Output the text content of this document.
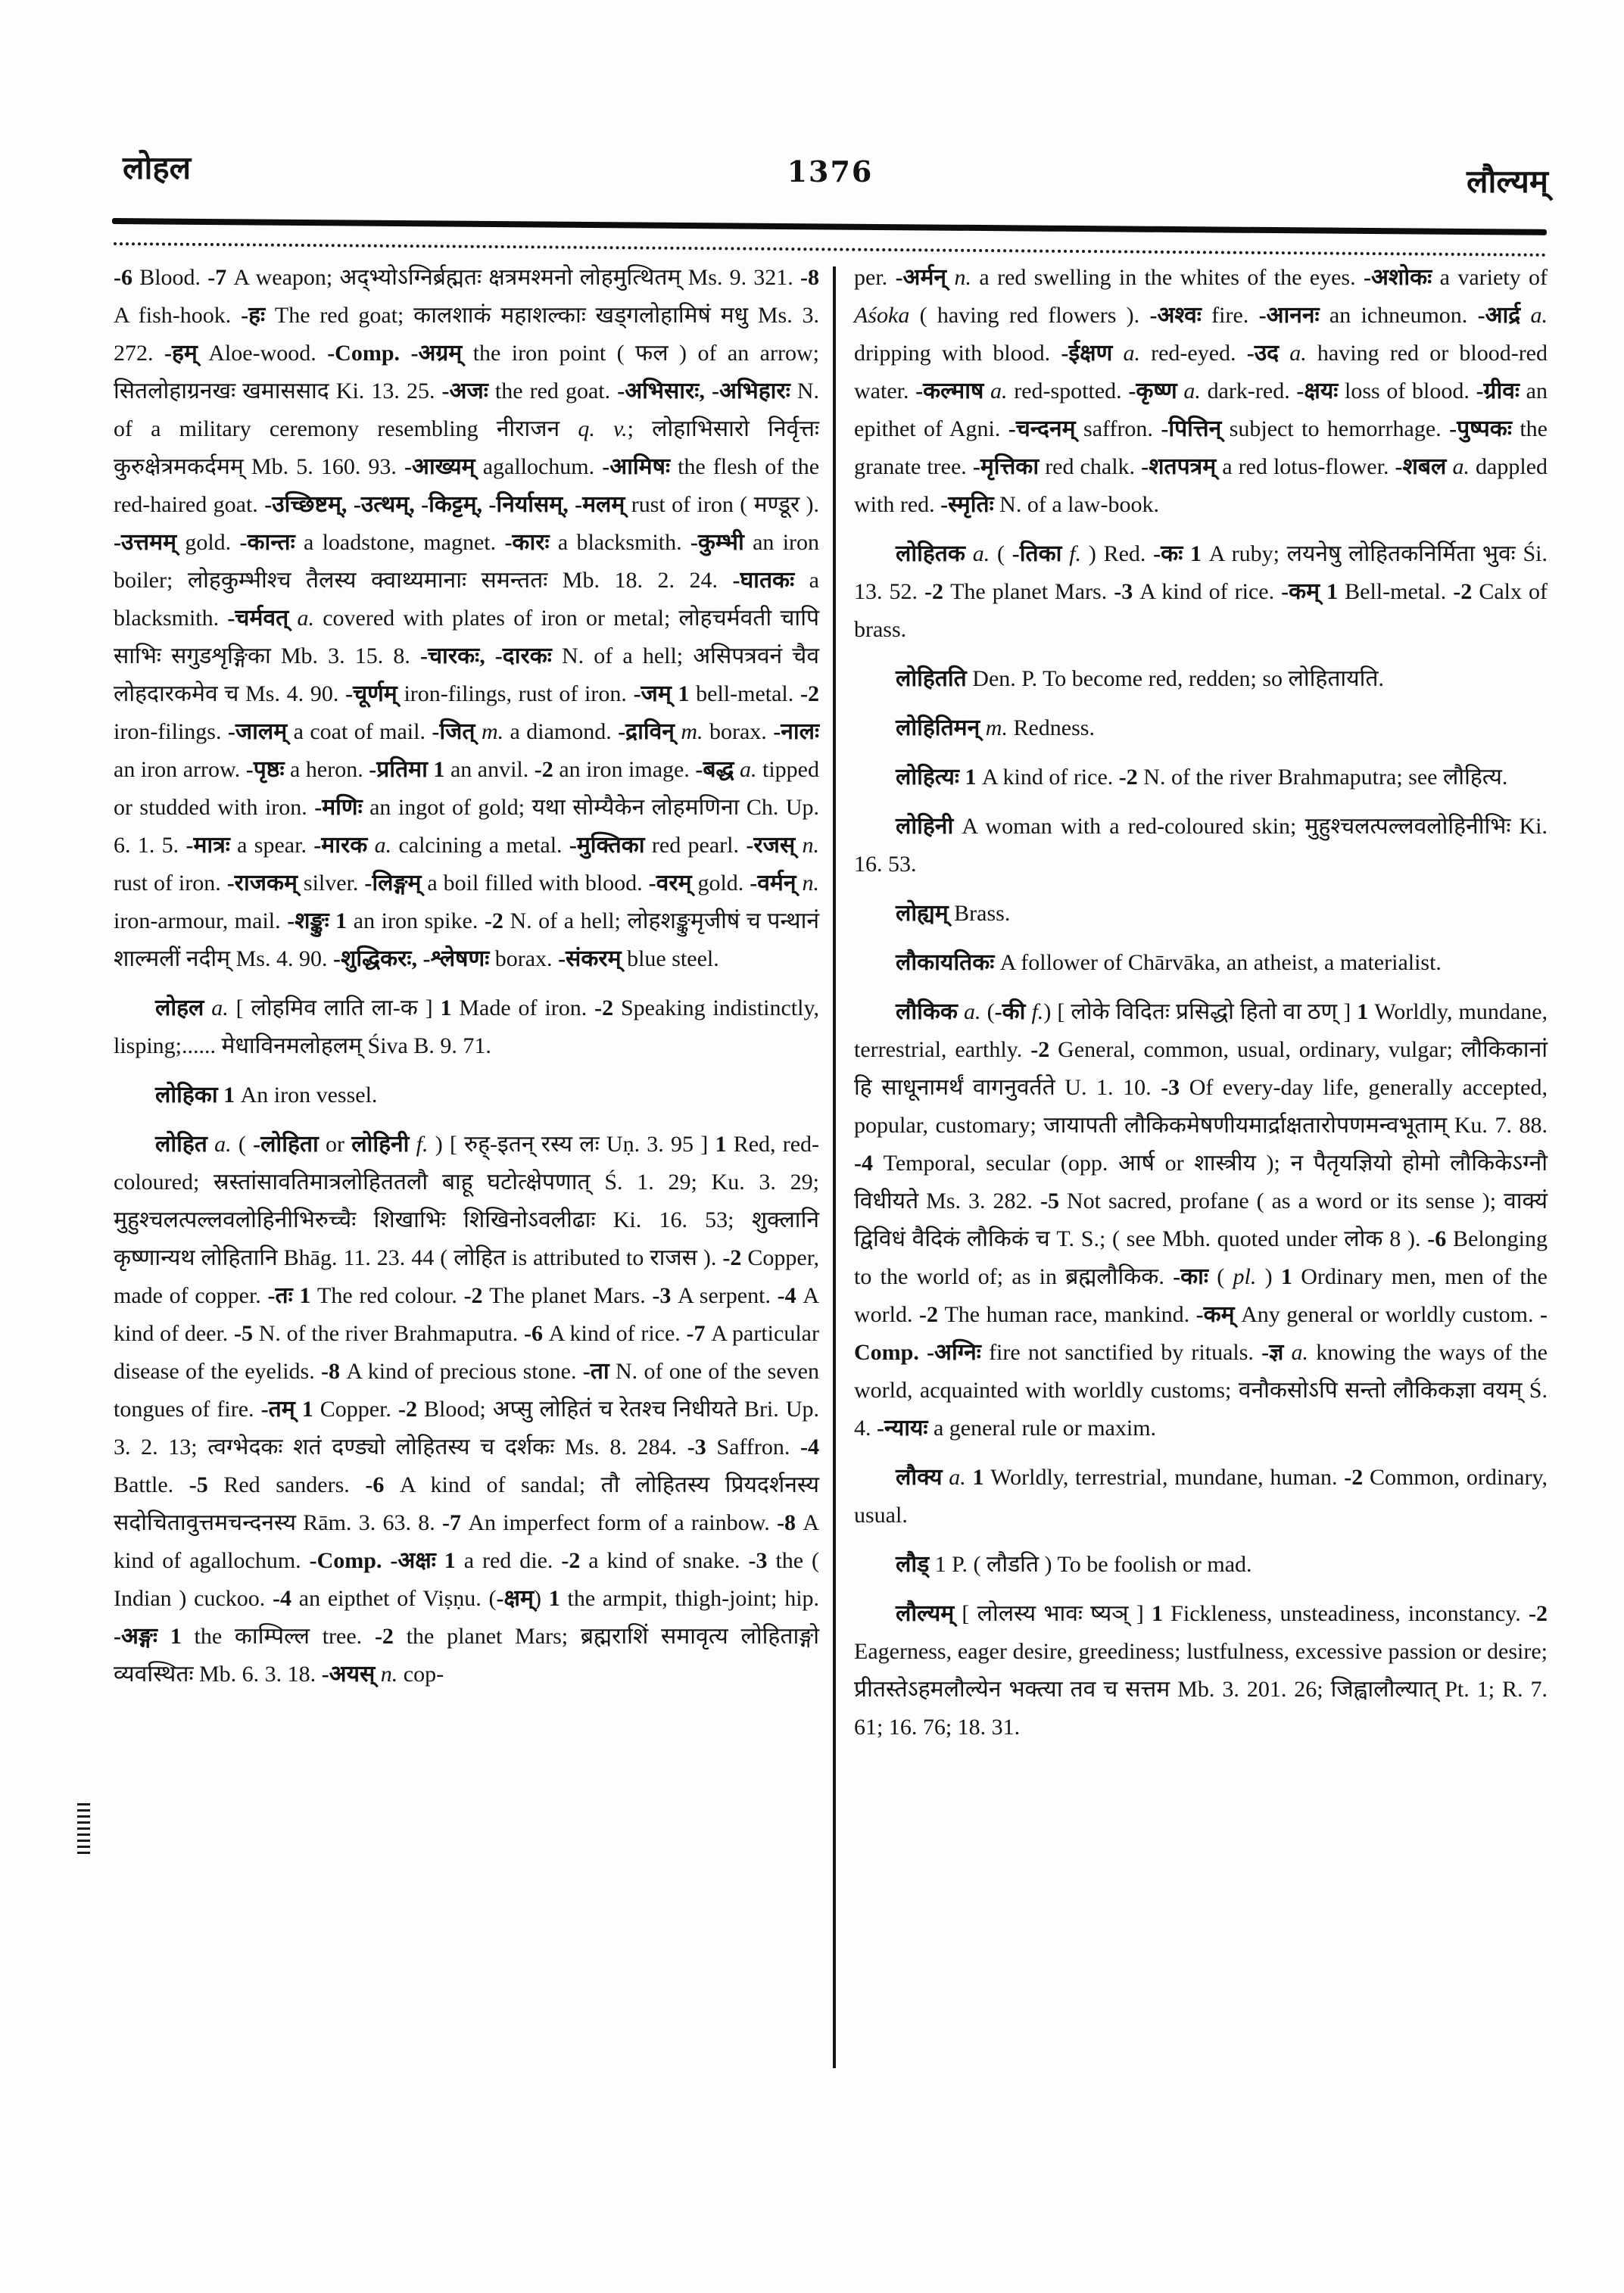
लोहल	1376	लौल्यम्

-6 Blood. -7 A weapon; अद्भ्योऽग्निर्ब्रह्मतः क्षत्रमश्मनो लोहमुत्थितम् Ms. 9. 321. -8 A fish-hook. -हः The red goat; कालशाकं महाशल्काः खड्गलोहामिषं मधु Ms. 3. 272. -हम् Aloe-wood. -Comp. -अग्रम् the iron point ( फल ) of an arrow; सितलोहाग्रनखः खमाससाद Ki. 13. 25. -अजः the red goat. -अभिसारः, -अभिहारः N. of a military ceremony resembling नीराजन q. v.; लोहाभिसारो निर्वृत्तः कुरुक्षेत्रमकर्दमम् Mb. 5. 160. 93. -आख्यम् agallochum. -आमिषः the flesh of the red-haired goat. -उच्छिष्टम्, -उत्थम्, -किट्टम्, -निर्यासम्, -मलम् rust of iron ( मण्डूर ). -उत्तमम् gold. -कान्तः a loadstone, magnet. -कारः a blacksmith. -कुम्भी an iron boiler; लोहकुम्भीश्च तैलस्य क्वाथ्यमानाः समन्ततः Mb. 18. 2. 24. -घातकः a blacksmith. -चर्मवत् a. covered with plates of iron or metal; लोहचर्मवती चापि साभिः सगुडशृङ्गिका Mb. 3. 15. 8. -चारकः, -दारकः N. of a hell; असिपत्रवनं चैव लोहदारकमेव च Ms. 4. 90. -चूर्णम् iron-filings, rust of iron. -जम् 1 bell-metal. -2 iron-filings. -जालम् a coat of mail. -जित् m. a diamond. -द्राविन् m. borax. -नालः an iron arrow. -पृष्ठः a heron. -प्रतिमा 1 an anvil. -2 an iron image. -बद्ध a. tipped or studded with iron. -मणिः an ingot of gold; यथा सोम्यैकेन लोहमणिना Ch. Up. 6. 1. 5. -मात्रः a spear. -मारक a. calcining a metal. -मुक्तिका red pearl. -रजस् n. rust of iron. -राजकम् silver. -लिङ्गम् a boil filled with blood. -वरम् gold. -वर्मन् n. iron-armour, mail. -शङ्कुः 1 an iron spike. -2 N. of a hell; लोहशङ्कुमृजीषं च पन्थानं शाल्मलीं नदीम् Ms. 4. 90. -शुद्धिकरः, -श्लेषणः borax. -संकरम् blue steel.

लोहल a. [ लोहमिव लाति ला-क ] 1 Made of iron. -2 Speaking indistinctly, lisping;...... मेधाविनमलोहलम् Śiva B. 9. 71.

लोहिका 1 An iron vessel.

लोहित a. ( -लोहिता or लोहिनी f. ) [ रुह्-इतन् रस्य लः Uṇ. 3. 95 ] 1 Red, red-coloured; स्रस्तांसावतिमात्रलोहिततलौ बाहू घटोत्क्षेपणात् Ś. 1. 29; Ku. 3. 29; मुहुश्चलत्पल्लवलोहिनीभिरुच्चैः शिखाभिः शिखिनोऽवलीढाः Ki. 16. 53; शुक्लानि कृष्णान्यथ लोहितानि Bhāg. 11. 23. 44 ( लोहित is attributed to राजस ). -2 Copper, made of copper. -तः 1 The red colour. -2 The planet Mars. -3 A serpent. -4 A kind of deer. -5 N. of the river Brahmaputra. -6 A kind of rice. -7 A particular disease of the eyelids. -8 A kind of precious stone. -ता N. of one of the seven tongues of fire. -तम् 1 Copper. -2 Blood; अप्सु लोहितं च रेतश्च निधीयते Bri. Up. 3. 2. 13; त्वग्भेदकः शतं दण्ड्यो लोहितस्य च दर्शकः Ms. 8. 284. -3 Saffron. -4 Battle. -5 Red sanders. -6 A kind of sandal; तौ लोहितस्य प्रियदर्शनस्य सदोचितावुत्तमचन्दनस्य Rām. 3. 63. 8. -7 An imperfect form of a rainbow. -8 A kind of agallochum. -Comp. -अक्षः 1 a red die. -2 a kind of snake. -3 the ( Indian ) cuckoo. -4 an eipthet of Viṣṇu. (-क्षम्) 1 the armpit, thigh-joint; hip. -अङ्गः 1 the काम्पिल्ल tree. -2 the planet Mars; ब्रह्मराशिं समावृत्य लोहिताङ्गो व्यवस्थितः Mb. 6. 3. 18. -अयस् n. cop-

per. -अर्मन् n. a red swelling in the whites of the eyes. -अशोकः a variety of Aśoka ( having red flowers ). -अश्वः fire. -आननः an ichneumon. -आर्द्र a. dripping with blood. -ईक्षण a. red-eyed. -उद a. having red or blood-red water. -कल्माष a. red-spotted. -कृष्ण a. dark-red. -क्षयः loss of blood. -ग्रीवः an epithet of Agni. -चन्दनम् saffron. -पित्तिन् subject to hemorrhage. -पुष्पकः the granate tree. -मृत्तिका red chalk. -शतपत्रम् a red lotus-flower. -शबल a. dappled with red. -स्मृतिः N. of a law-book.

लोहितक a. ( -तिका f. ) Red. -कः 1 A ruby; लयनेषु लोहितकनिर्मिता भुवः Śi. 13. 52. -2 The planet Mars. -3 A kind of rice. -कम् 1 Bell-metal. -2 Calx of brass.

लोहितति Den. P. To become red, redden; so लोहितायति.

लोहितिमन् m. Redness.

लोहित्यः 1 A kind of rice. -2 N. of the river Brahmaputra; see लौहित्य.

लोहिनी A woman with a red-coloured skin; मुहुश्चलत्पल्लवलोहिनीभिः Ki. 16. 53.

लोह्यम् Brass.

लौकायतिकः A follower of Chārvāka, an atheist, a materialist.

लौकिक a. (-की f.) [ लोके विदितः प्रसिद्धो हितो वा ठण् ] 1 Worldly, mundane, terrestrial, earthly. -2 General, common, usual, ordinary, vulgar; लौकिकानां हि साधूनामर्थं वागनुवर्तते U. 1. 10. -3 Of every-day life, generally accepted, popular, customary; जायापती लौकिकमेषणीयमार्द्राक्षतारोपणमन्वभूताम् Ku. 7. 88. -4 Temporal, secular (opp. आर्ष or शास्त्रीय ); न पैतृयज्ञियो होमो लौकिकेऽग्नौ विधीयते Ms. 3. 282. -5 Not sacred, profane ( as a word or its sense ); वाक्यं द्विविधं वैदिकं लौकिकं च T. S.; ( see Mbh. quoted under लोक 8 ). -6 Belonging to the world of; as in ब्रह्मलौकिक. -काः ( pl. ) 1 Ordinary men, men of the world. -2 The human race, mankind. -कम् Any general or worldly custom. -Comp. -अग्निः fire not sanctified by rituals. -ज्ञ a. knowing the ways of the world, acquainted with worldly customs; वनौकसोऽपि सन्तो लौकिकज्ञा वयम् Ś. 4. -न्यायः a general rule or maxim.

लौक्य a. 1 Worldly, terrestrial, mundane, human. -2 Common, ordinary, usual.

लौड् 1 P. ( लौडति ) To be foolish or mad.

लौल्यम् [ लोलस्य भावः ष्यञ् ] 1 Fickleness, unsteadiness, inconstancy. -2 Eagerness, eager desire, greediness; lustfulness, excessive passion or desire; प्रीतस्तेऽहमलौल्येन भक्त्या तव च सत्तम Mb. 3. 201. 26; जिह्वालौल्यात् Pt. 1; R. 7. 61; 16. 76; 18. 31.
